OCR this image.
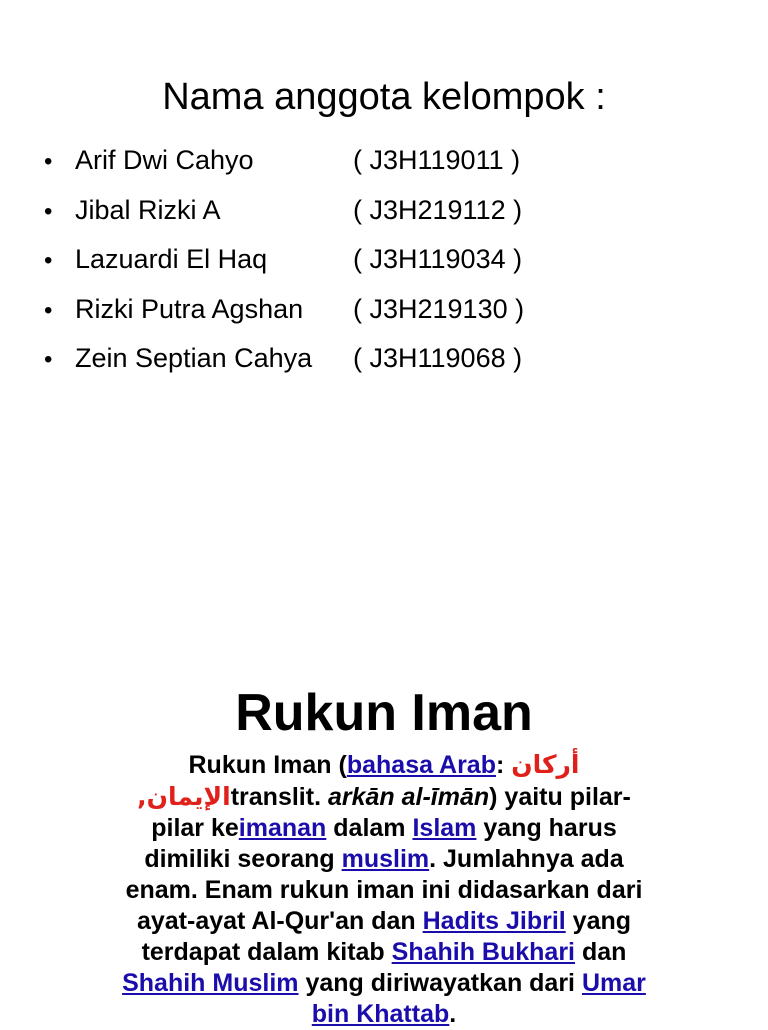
Nama anggota kelompok :
• Arif Dwi Cahyo	( J3H119011 )
• Jibal Rizki A	( J3H219112 )
• Lazuardi El Haq	( J3H119034 )
• Rizki Putra Agshan	( J3H219130 )
• Zein Septian Cahya	( J3H119068 )
Rukun Iman

Rukun Iman (bahasa Arab: أركان الإيمان,translit. arkān al-īmān) yaitu pilar-pilar keimanan dalam Islam yang harus dimiliki seorang muslim. Jumlahnya ada enam. Enam rukun iman ini didasarkan dari ayat-ayat Al-Qur'an dan Hadits Jibril yang terdapat dalam kitab Shahih Bukhari dan Shahih Muslim yang diriwayatkan dari Umar bin Khattab.
